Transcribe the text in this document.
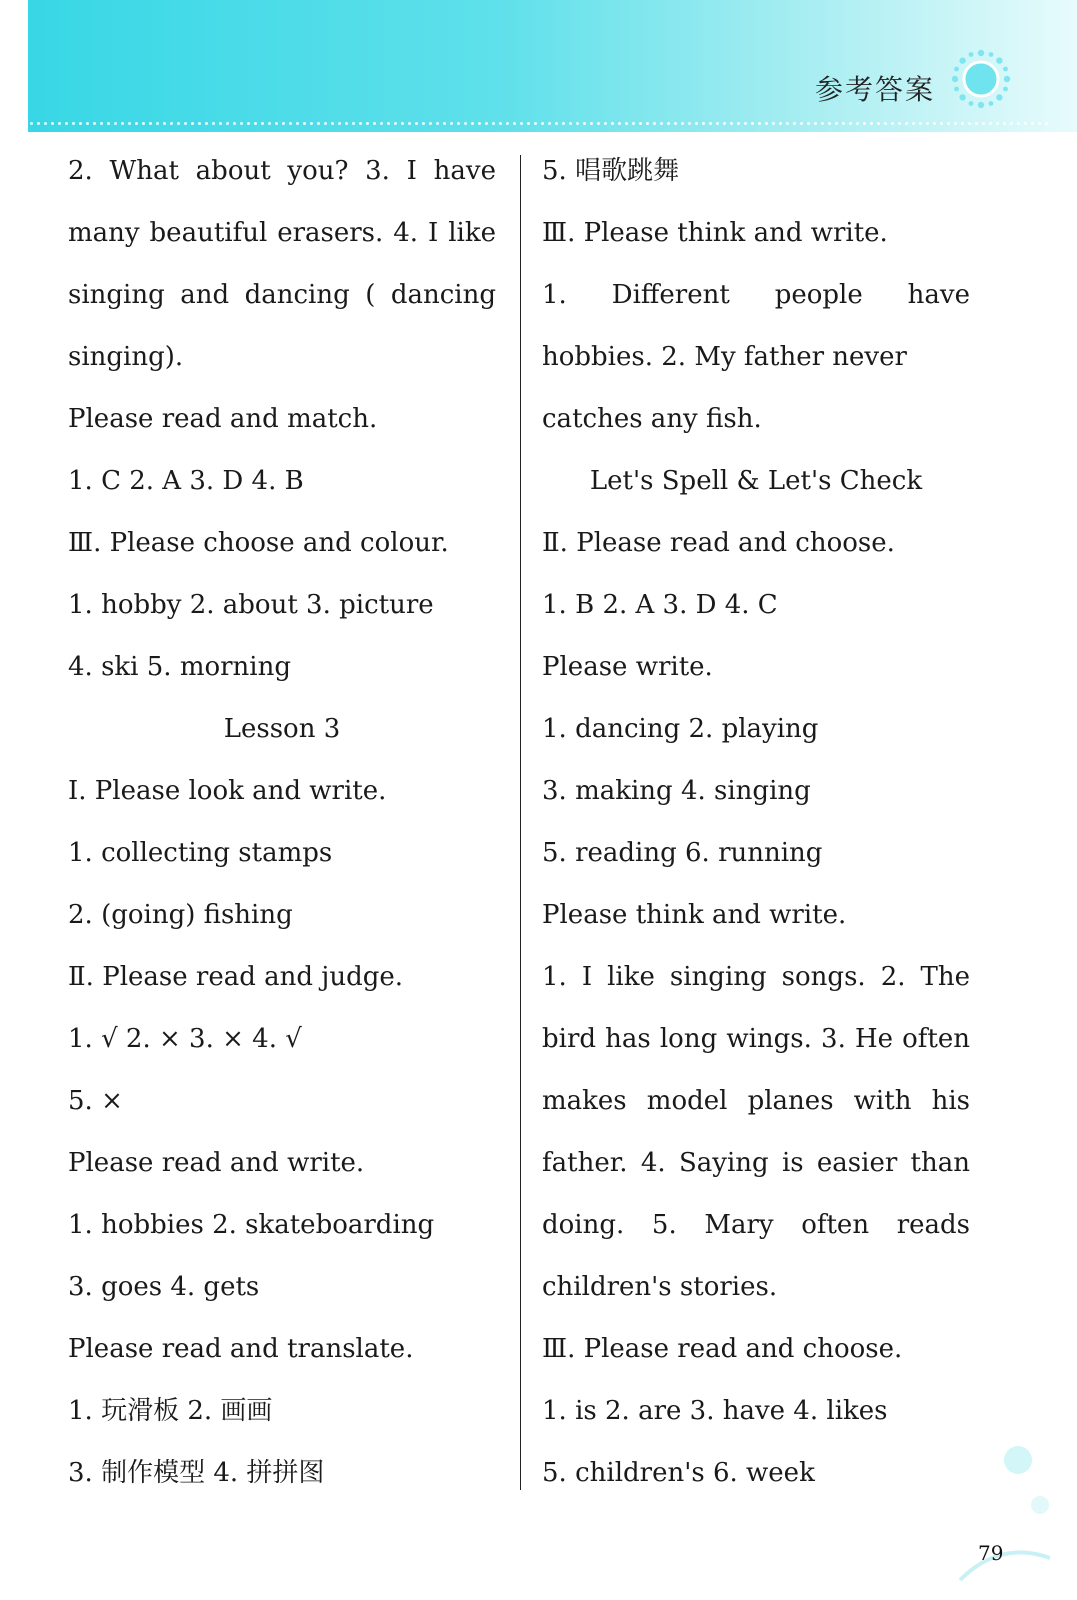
参考答案
2. What about you? 3. I have
many beautiful erasers. 4. I like
singing and dancing ( dancing
singing).
Please read and match.
1. C 2. A 3. D 4. B
Ⅲ. Please choose and colour.
1. hobby 2. about 3. picture
4. ski 5. morning
Lesson 3
Ⅰ. Please look and write.
1. collecting stamps
2. (going) fishing
Ⅱ. Please read and judge.
1. √ 2. × 3. × 4. √
5. ×
Please read and write.
1. hobbies 2. skateboarding
3. goes 4. gets
Please read and translate.
1. 玩滑板 2. 画画
3. 制作模型 4. 拼拼图
5. 唱歌跳舞
Ⅲ. Please think and write.
1. Different people have
hobbies. 2. My father never
catches any fish.
Let's Spell & Let's Check
Ⅱ. Please read and choose.
1. B 2. A 3. D 4. C
Please write.
1. dancing 2. playing
3. making 4. singing
5. reading 6. running
Please think and write.
1. I like singing songs. 2. The
bird has long wings. 3. He often
makes model planes with his
father. 4. Saying is easier than
doing. 5. Mary often reads
children's stories.
Ⅲ. Please read and choose.
1. is 2. are 3. have 4. likes
5. children's 6. week
79
